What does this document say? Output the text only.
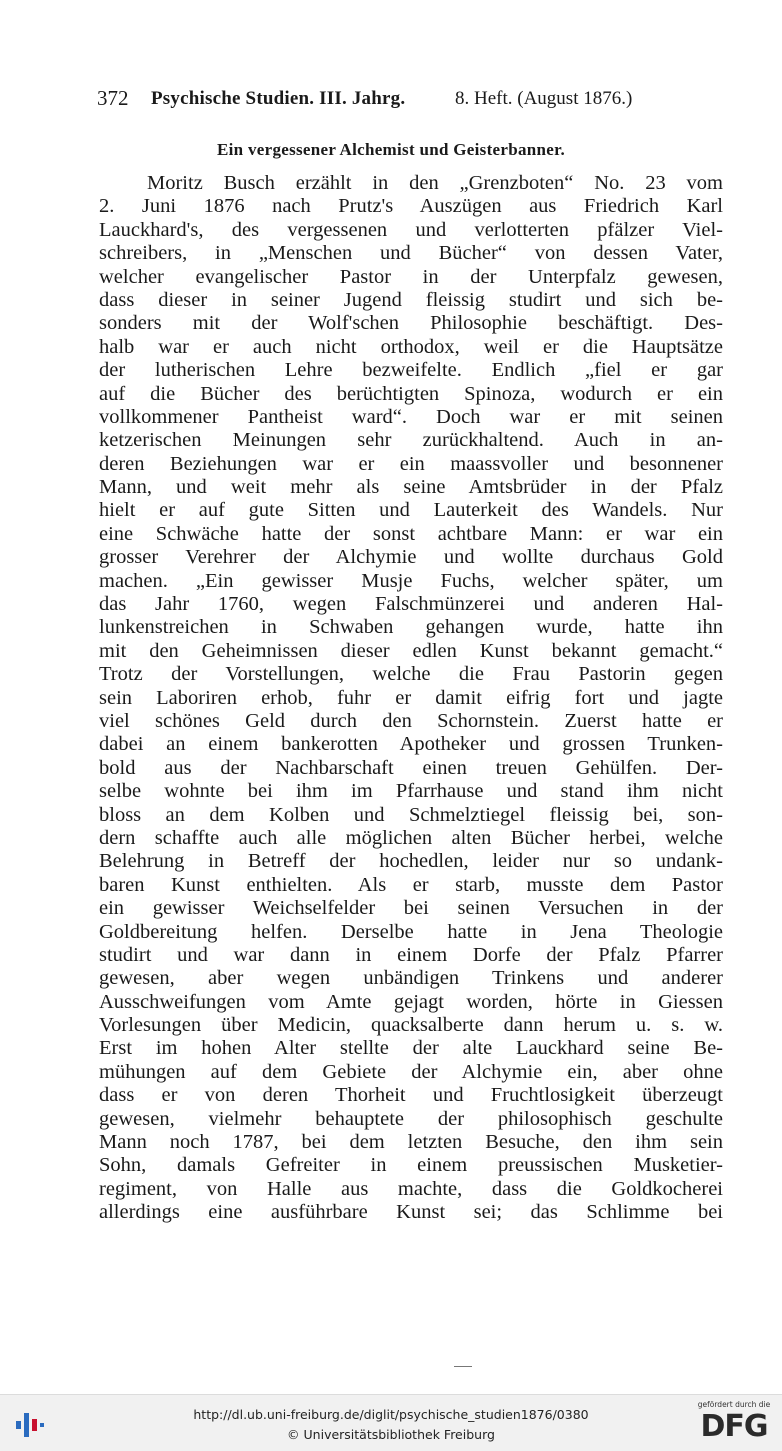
372 Psychische Studien. III. Jahrg.	8. Heft. (August 1876.)
Ein vergessener Alchemist und Geisterbanner.
Moritz Busch erzählt in den „Grenzboten“ No. 23 vom
2. Juni 1876 nach Prutz's Auszügen aus Friedrich Karl
Lauckhard's, des vergessenen und verlotterten pfälzer Viel-
schreibers, in „Menschen und Bücher“ von dessen Vater,
welcher evangelischer Pastor in der Unterpfalz gewesen,
dass dieser in seiner Jugend fleissig studirt und sich be-
sonders mit der Wolf'schen Philosophie beschäftigt. Des-
halb war er auch nicht orthodox, weil er die Hauptsätze
der lutherischen Lehre bezweifelte. Endlich „fiel er gar
auf die Bücher des berüchtigten Spinoza, wodurch er ein
vollkommener Pantheist ward“. Doch war er mit seinen
ketzerischen Meinungen sehr zurückhaltend. Auch in an-
deren Beziehungen war er ein maassvoller und besonnener
Mann, und weit mehr als seine Amtsbrüder in der Pfalz
hielt er auf gute Sitten und Lauterkeit des Wandels. Nur
eine Schwäche hatte der sonst achtbare Mann: er war ein
grosser Verehrer der Alchymie und wollte durchaus Gold
machen. „Ein gewisser Musje Fuchs, welcher später, um
das Jahr 1760, wegen Falschmünzerei und anderen Hal-
lunkenstreichen in Schwaben gehangen wurde, hatte ihn
mit den Geheimnissen dieser edlen Kunst bekannt gemacht.“
Trotz der Vorstellungen, welche die Frau Pastorin gegen
sein Laboriren erhob, fuhr er damit eifrig fort und jagte
viel schönes Geld durch den Schornstein. Zuerst hatte er
dabei an einem bankerotten Apotheker und grossen Trunken-
bold aus der Nachbarschaft einen treuen Gehülfen. Der-
selbe wohnte bei ihm im Pfarrhause und stand ihm nicht
bloss an dem Kolben und Schmelztiegel fleissig bei, son-
dern schaffte auch alle möglichen alten Bücher herbei, welche
Belehrung in Betreff der hochedlen, leider nur so undank-
baren Kunst enthielten. Als er starb, musste dem Pastor
ein gewisser Weichselfelder bei seinen Versuchen in der
Goldbereitung helfen. Derselbe hatte in Jena Theologie
studirt und war dann in einem Dorfe der Pfalz Pfarrer
gewesen, aber wegen unbändigen Trinkens und anderer
Ausschweifungen vom Amte gejagt worden, hörte in Giessen
Vorlesungen über Medicin, quacksalberte dann herum u. s. w.
Erst im hohen Alter stellte der alte Lauckhard seine Be-
mühungen auf dem Gebiete der Alchymie ein, aber ohne
dass er von deren Thorheit und Fruchtlosigkeit überzeugt
gewesen, vielmehr behauptete der philosophisch geschulte
Mann noch 1787, bei dem letzten Besuche, den ihm sein
Sohn, damals Gefreiter in einem preussischen Musketier-
regiment, von Halle aus machte, dass die Goldkocherei
allerdings eine ausführbare Kunst sei; das Schlimme bei
http://dl.ub.uni-freiburg.de/diglit/psychische_studien1876/0380
© Universitätsbibliothek Freiburg
gefördert durch die
DFG
